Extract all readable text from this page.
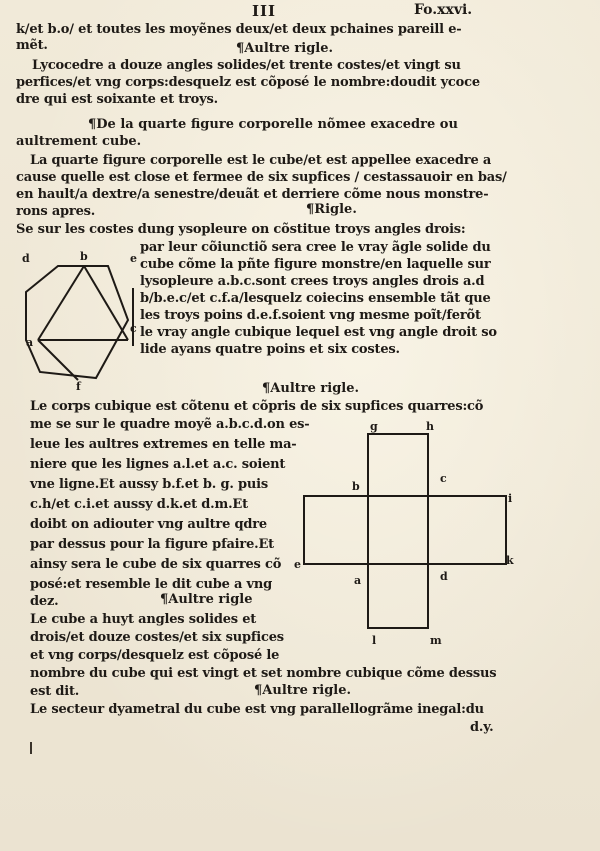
III	Fo.xxvi.
k/et b.o/ et toutes les moyẽnes deux/et deux pchaines pareill e-
mẽt.	¶Aultre rigle.
Lycocedre a douze angles solides/et trente costes/et vingt su
perfices/et vng corps:desquelz est cõposé le nombre:doudit ycoce
dre qui est soixante et troys.
¶De la quarte figure corporelle nõmee exacedre ou
aultrement cube.
La quarte figure corporelle est le cube/et est appellee exacedre a
cause quelle est close et fermee de six supfices / cestassauoir en bas/
en hault/a dextre/a senestre/deuãt et derriere cõme nous monstre-
rons apres.	¶Rigle.
Se sur les costes dung ysopleure on cõstitue troys angles drois:
par leur cõiunctiõ sera cree le vray ãgle solide du
cube cõme la pñte figure monstre/en laquelle sur
lysopleure a.b.c.sont crees troys angles drois a.d
b/b.e.c/et c.f.a/lesquelz coiecins ensemble tãt que
les troys poins d.e.f.soient vng mesme poĩt/ferõt
le vray angle cubique lequel est vng angle droit so
lide ayans quatre poins et six costes.
d	b	e
c
f
a
¶Aultre rigle.
Le corps cubique est cõtenu et cõpris de six supfices quarres:cõ
me se sur le quadre moyẽ a.b.c.d.on es-
leue les aultres extremes en telle ma-
niere que les lignes a.l.et a.c. soient
vne ligne.Et aussy b.f.et b. g. puis
c.h/et c.i.et aussy d.k.et d.m.Et
doibt on adiouter vng aultre qdre
par dessus pour la figure pfaire.Et
ainsy sera le cube de six quarres cõ
posé:et resemble le dit cube a vng
dez.	¶Aultre rigle
g	h
b
c
i
e
a	d
k
l	m
Le cube a huyt angles solides et
drois/et douze costes/et six supfices
et vng corps/desquelz est cõposé le
nombre du cube qui est vingt et set nombre cubique cõme dessus
est dit.	¶Aultre rigle.
Le secteur dyametral du cube est vng parallellogrãme inegal:du
d.y.
